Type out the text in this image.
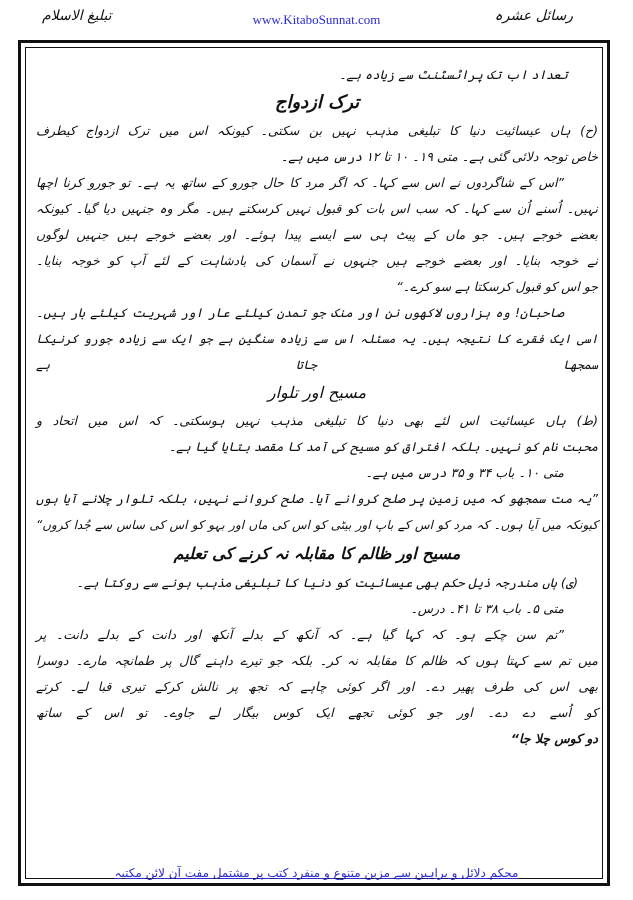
رسائل عشرہ
www.KitaboSunnat.com
تبلیغ الاسلام
تعداد اب تک پراٹسٹنٹ سے زیادہ ہے۔
ترک ازدواج
(ح) ہاں عیسائیت دنیا کا تبلیغی مذہب نہیں بن سکتی۔ کیونکہ اس میں ترک ازدواج کیطرف
خاص توجہ دلائی گئی ہے۔ متی ۱۹۔ ۱۰ تا ۱۲ درس میں ہے۔
”اس کے شاگردوں نے اس سے کہا۔ کہ اگر مرد کا حال جورو کے ساتھ یہ ہے۔ تو جورو کرنا اچھا
نہیں۔ اُسنے اُن سے کہا۔ کہ سب اس بات کو قبول نہیں کرسکتے ہیں۔ مگر وہ جنہیں دیا گیا۔ کیونکہ
بعضے خوجے ہیں۔ جو ماں کے پیٹ ہی سے ایسے پیدا ہوئے۔ اور بعضے خوجے ہیں جنہیں لوگوں
نے خوجہ بنایا۔ اور بعضے خوجے ہیں جنہوں نے آسمان کی بادشاہت کے لئے آپ کو خوجہ بنایا۔
جو اس کو قبول کرسکتا ہے سو کرے۔“
صاحبان! وہ ہزاروں لاکھوں نن اور منک جو تمدن کیلئے عار اور شہریت کیلئے بار ہیں۔
اسی ایک فقرے کا نتیجہ ہیں۔ یہ مسئلہ اس سے زیادہ سنگین ہے جو ایک سے زیادہ جورو کرنیکا سمجھا جاتا ہے
مسیح اور تلوار
(ط) ہاں عیسائیت اس لئے بھی دنیا کا تبلیغی مذہب نہیں ہوسکتی۔ کہ اس میں اتحاد و
محبت نام کو نہیں۔ بلکہ افتراق کو مسیح کی آمد کا مقصد بتایا گیا ہے۔
متی ۱۰۔ باب ۳۴ و ۳۵ درس میں ہے۔
”یہ مت سمجھو کہ میں زمین پر صلح کروانے آیا۔ صلح کروانے نہیں، بلکہ تلوار چلانے آیا ہوں
کیونکہ میں آیا ہوں۔ کہ مرد کو اس کے باپ اور بیٹی کو اس کی ماں اور بہو کو اس کی ساس سے جُدا کروں“
مسیح اور ظالم کا مقابلہ نہ کرنے کی تعلیم
(ی) ہاں مندرجہ ذیل حکم بھی عیسائیت کو دنیا کا تبلیغی مذہب ہونے سے روکتا ہے۔
متی ۵۔ باب ۳۸ تا ۴۱۔ درس۔
”تم سن چکے ہو۔ کہ کہا گیا ہے۔ کہ آنکھ کے بدلے آنکھ اور دانت کے بدلے دانت۔ پر
میں تم سے کہتا ہوں کہ ظالم کا مقابلہ نہ کر۔ بلکہ جو تیرے داہنے گال پر طمانچہ مارے۔ دوسرا
بھی اس کی طرف پھیر دے۔ اور اگر کوئی چاہے کہ تجھ پر نالش کرکے تیری قبا لے۔ کرتے
کو اُسے دے دے۔ اور جو کوئی تجھے ایک کوس بیگار لے جاوے۔ تو اس کے ساتھ
دو کوس چلا جا“
محکم دلائل و براہین سے مزین متنوع و منفرد کتب پر مشتمل مفت آن لائن مکتبہ
